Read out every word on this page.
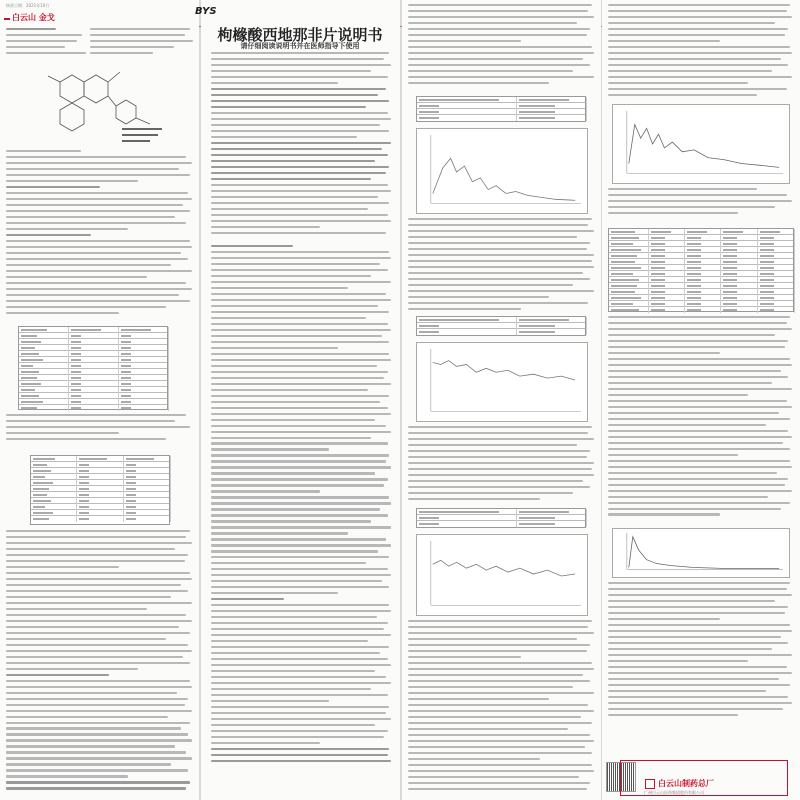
核准日期：2021年10月
白云山 金戈
BYS
枸橼酸西地那非片说明书
请仔细阅读说明书并在医师指导下使用
白云山制药总厂
广州白云山医药集团股份有限公司
